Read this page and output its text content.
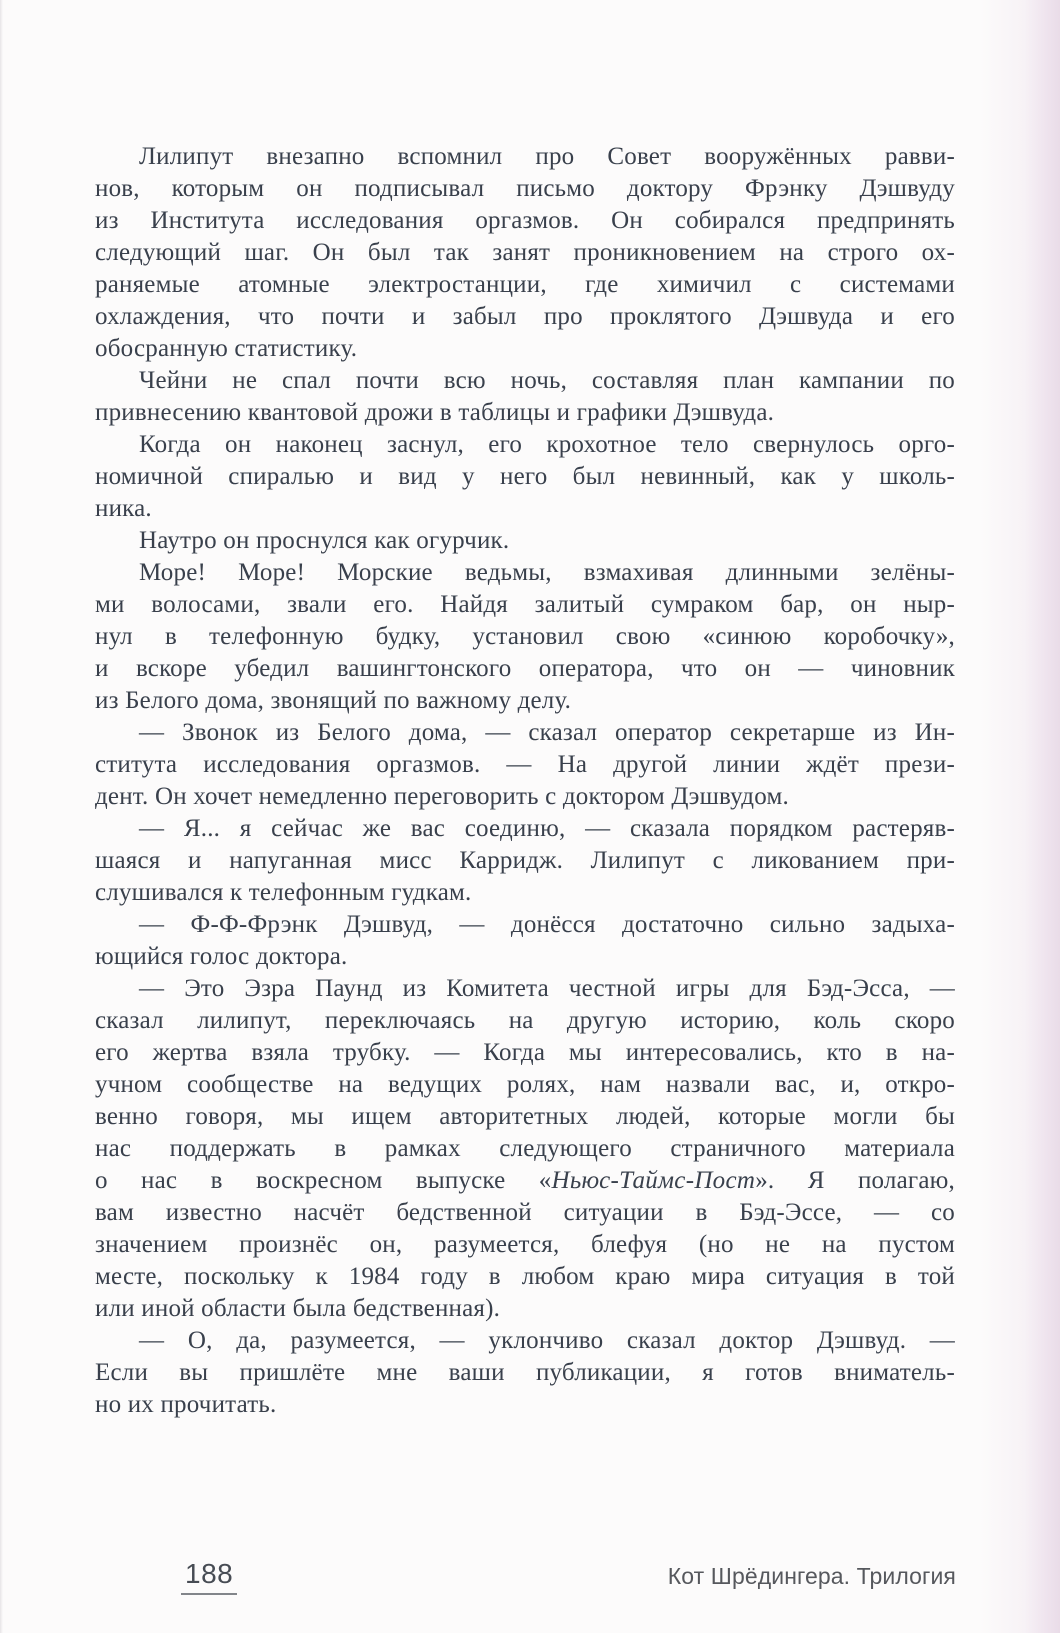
Лилипут внезапно вспомнил про Совет вооружённых равви-
нов, которым он подписывал письмо доктору Фрэнку Дэшвуду
из Института исследования оргазмов. Он собирался предпринять
следующий шаг. Он был так занят проникновением на строго ох-
раняемые атомные электростанции, где химичил с системами
охлаждения, что почти и забыл про проклятого Дэшвуда и его
обосранную статистику.
Чейни не спал почти всю ночь, составляя план кампании по
привнесению квантовой дрожи в таблицы и графики Дэшвуда.
Когда он наконец заснул, его крохотное тело свернулось орго-
номичной спиралью и вид у него был невинный, как у школь-
ника.
Наутро он проснулся как огурчик.
Море! Море! Морские ведьмы, взмахивая длинными зелёны-
ми волосами, звали его. Найдя залитый сумраком бар, он ныр-
нул в телефонную будку, установил свою «синюю коробочку»,
и вскоре убедил вашингтонского оператора, что он — чиновник
из Белого дома, звонящий по важному делу.
— Звонок из Белого дома, — сказал оператор секретарше из Ин-
ститута исследования оргазмов. — На другой линии ждёт прези-
дент. Он хочет немедленно переговорить с доктором Дэшвудом.
— Я... я сейчас же вас соединю, — сказала порядком растеряв-
шаяся и напуганная мисс Карридж. Лилипут с ликованием при-
слушивался к телефонным гудкам.
— Ф-Ф-Фрэнк Дэшвуд, — донёсся достаточно сильно задыха-
ющийся голос доктора.
— Это Эзра Паунд из Комитета честной игры для Бэд-Эсса, —
сказал лилипут, переключаясь на другую историю, коль скоро
его жертва взяла трубку. — Когда мы интересовались, кто в на-
учном сообществе на ведущих ролях, нам назвали вас, и, откро-
венно говоря, мы ищем авторитетных людей, которые могли бы
нас поддержать в рамках следующего страничного материала
о нас в воскресном выпуске «Ньюс-Таймс-Пост». Я полагаю,
вам известно насчёт бедственной ситуации в Бэд-Эссе, — со
значением произнёс он, разумеется, блефуя (но не на пустом
месте, поскольку к 1984 году в любом краю мира ситуация в той
или иной области была бедственная).
— О, да, разумеется, — уклончиво сказал доктор Дэшвуд. —
Если вы пришлёте мне ваши публикации, я готов вниматель-
но их прочитать.
188	Кот Шрёдингера. Трилогия
